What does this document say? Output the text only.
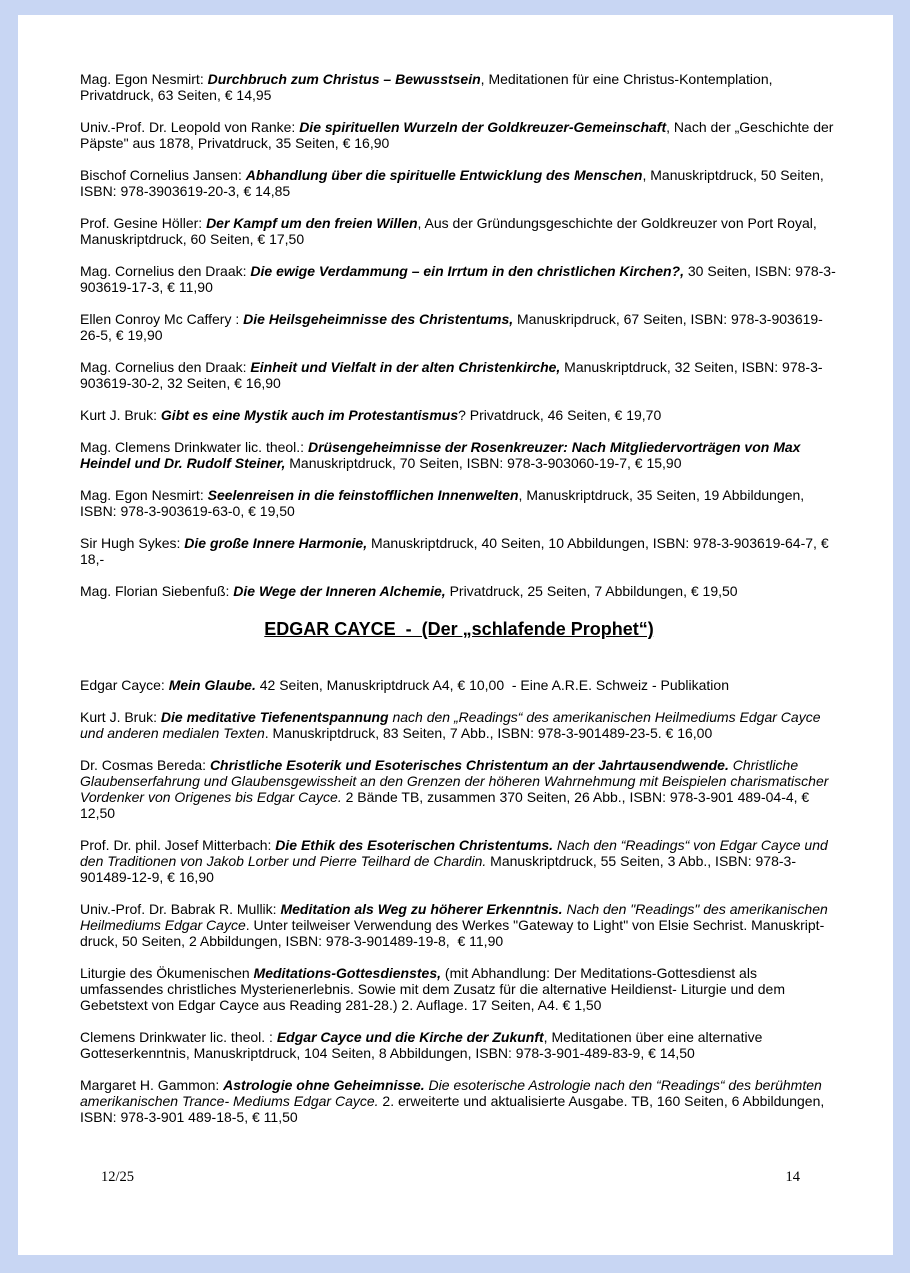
Mag. Egon Nesmirt: Durchbruch zum Christus – Bewusstsein, Meditationen für eine Christus-Kontemplation, Privatdruck, 63 Seiten, € 14,95

Univ.-Prof. Dr. Leopold von Ranke: Die spirituellen Wurzeln der Goldkreuzer-Gemeinschaft, Nach der „Geschichte der Päpste" aus 1878, Privatdruck, 35 Seiten, € 16,90

Bischof Cornelius Jansen: Abhandlung über die spirituelle Entwicklung des Menschen, Manuskriptdruck, 50 Seiten, ISBN: 978-3903619-20-3, € 14,85

Prof. Gesine Höller: Der Kampf um den freien Willen, Aus der Gründungsgeschichte der Goldkreuzer von Port Royal, Manuskriptdruck, 60 Seiten, € 17,50

Mag. Cornelius den Draak: Die ewige Verdammung – ein Irrtum in den christlichen Kirchen?, 30 Seiten, ISBN: 978-3-903619-17-3, € 11,90

Ellen Conroy Mc Caffery : Die Heilsgeheimnisse des Christentums, Manuskripdruck, 67 Seiten, ISBN: 978-3-903619-26-5, € 19,90

Mag. Cornelius den Draak: Einheit und Vielfalt in der alten Christenkirche, Manuskriptdruck, 32 Seiten, ISBN: 978-3-903619-30-2, 32 Seiten, € 16,90

Kurt J. Bruk: Gibt es eine Mystik auch im Protestantismus? Privatdruck, 46 Seiten, € 19,70

Mag. Clemens Drinkwater lic. theol.: Drüsengeheimnisse der Rosenkreuzer: Nach Mitgliedervorträgen von Max Heindel und Dr. Rudolf Steiner, Manuskriptdruck, 70 Seiten, ISBN: 978-3-903060-19-7, € 15,90

Mag. Egon Nesmirt: Seelenreisen in die feinstofflichen Innenwelten, Manuskriptdruck, 35 Seiten, 19 Abbildungen, ISBN: 978-3-903619-63-0, € 19,50

Sir Hugh Sykes: Die große Innere Harmonie, Manuskriptdruck, 40 Seiten, 10 Abbildungen, ISBN: 978-3-903619-64-7, € 18,-

Mag. Florian Siebenfuß: Die Wege der Inneren Alchemie, Privatdruck, 25 Seiten, 7 Abbildungen, € 19,50

EDGAR CAYCE  -  (Der „schlafende Prophet“)

Edgar Cayce: Mein Glaube. 42 Seiten, Manuskriptdruck A4, € 10,00  - Eine A.R.E. Schweiz - Publikation

Kurt J. Bruk: Die meditative Tiefenentspannung nach den „Readings“ des amerikanischen Heilmediums Edgar Cayce und anderen medialen Texten. Manuskriptdruck, 83 Seiten, 7 Abb., ISBN: 978-3-901489-23-5. € 16,00

Dr. Cosmas Bereda: Christliche Esoterik und Esoterisches Christentum an der Jahrtausendwende. Christliche Glaubenserfahrung und Glaubensgewissheit an den Grenzen der höheren Wahrnehmung mit Beispielen charismatischer Vordenker von Origenes bis Edgar Cayce. 2 Bände TB, zusammen 370 Seiten, 26 Abb., ISBN: 978-3-901 489-04-4, € 12,50

Prof. Dr. phil. Josef Mitterbach: Die Ethik des Esoterischen Christentums. Nach den “Readings“ von Edgar Cayce und den Traditionen von Jakob Lorber und Pierre Teilhard de Chardin. Manuskriptdruck, 55 Seiten, 3 Abb., ISBN: 978-3-901489-12-9, € 16,90

Univ.-Prof. Dr. Babrak R. Mullik: Meditation als Weg zu höherer Erkenntnis. Nach den "Readings" des amerikanischen Heilmediums Edgar Cayce. Unter teilweiser Verwendung des Werkes "Gateway to Light" von Elsie Sechrist. Manuskript-druck, 50 Seiten, 2 Abbildungen, ISBN: 978-3-901489-19-8,  € 11,90

Liturgie des Ökumenischen Meditations-Gottesdienstes, (mit Abhandlung: Der Meditations-Gottesdienst als umfassendes christliches Mysterienerlebnis. Sowie mit dem Zusatz für die alternative Heildienst- Liturgie und dem Gebetstext von Edgar Cayce aus Reading 281-28.) 2. Auflage. 17 Seiten, A4. € 1,50

Clemens Drinkwater lic. theol. : Edgar Cayce und die Kirche der Zukunft, Meditationen über eine alternative Gotteserkenntnis, Manuskriptdruck, 104 Seiten, 8 Abbildungen, ISBN: 978-3-901-489-83-9, € 14,50

Margaret H. Gammon: Astrologie ohne Geheimnisse. Die esoterische Astrologie nach den “Readings“ des berühmten amerikanischen Trance- Mediums Edgar Cayce. 2. erweiterte und aktualisierte Ausgabe. TB, 160 Seiten, 6 Abbildungen, ISBN: 978-3-901 489-18-5, € 11,50

12/25	14
